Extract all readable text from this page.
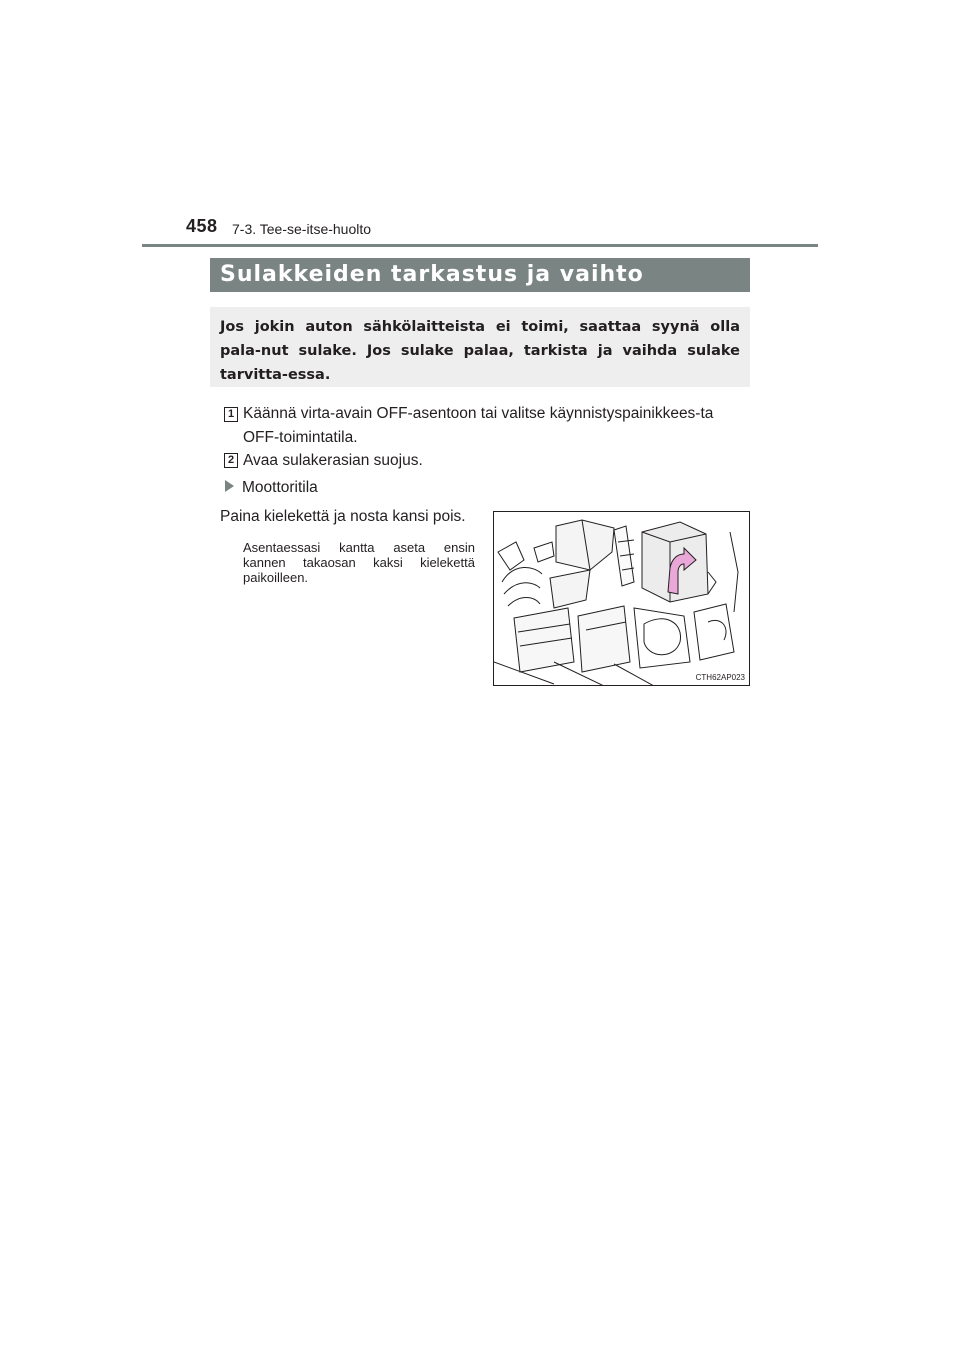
458 7-3. Tee-se-itse-huolto
Sulakkeiden tarkastus ja vaihto
Jos jokin auton sähkölaitteista ei toimi, saattaa syynä olla pala-nut sulake. Jos sulake palaa, tarkista ja vaihda sulake tarvitta-essa.
1 Käännä virta-avain OFF-asentoon tai valitse käynnistyspainikkees-ta OFF-toimintatila.
2 Avaa sulakerasian suojus.
Moottoritila
Paina kielekettä ja nosta kansi pois.
Asentaessasi kantta aseta ensin kannen takaosan kaksi kielekettä paikoilleen.
CTH62AP023
